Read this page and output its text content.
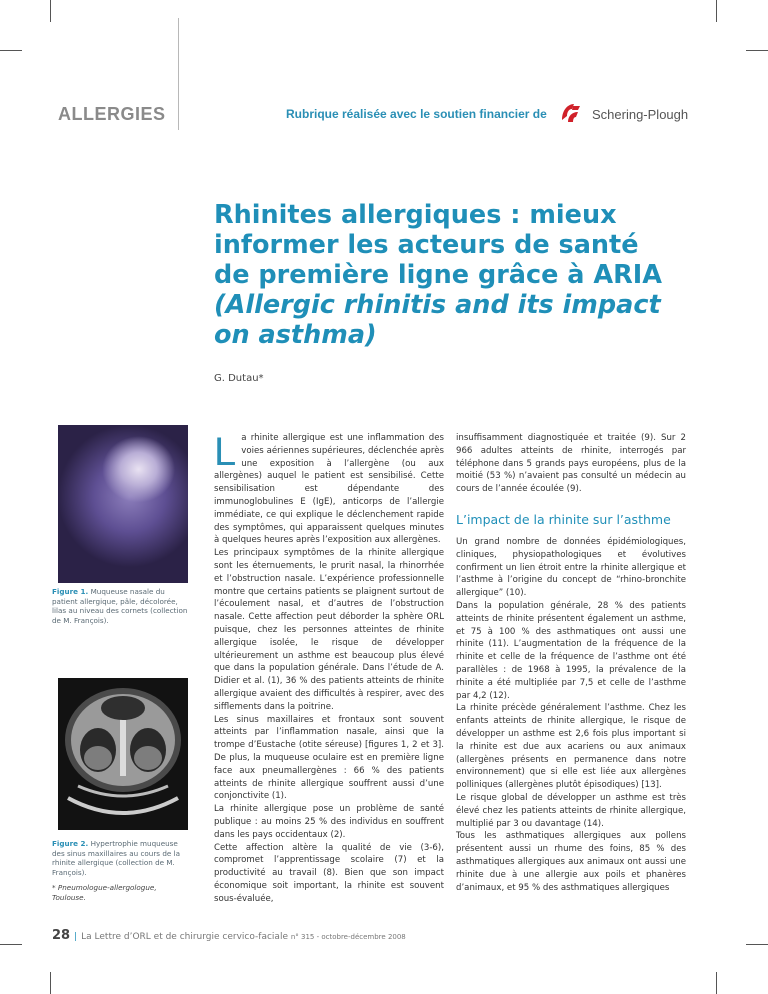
ALLERGIES	Rubrique réalisée avec le soutien financier de	Schering-Plough
Rhinites allergiques : mieux informer les acteurs de santé de première ligne grâce à ARIA
(Allergic rhinitis and its impact on asthma)
G. Dutau*
Figure 1. Muqueuse nasale du patient allergique, pâle, décolorée, lilas au niveau des cornets (collection de M. François).
Figure 2. Hypertrophie muqueuse des sinus maxillaires au cours de la rhinite allergique (collection de M. François).
* Pneumologue-allergologue, Toulouse.

La rhinite allergique est une inflammation des voies aériennes supérieures, déclenchée après une exposition à l’allergène (ou aux allergènes) auquel le patient est sensibilisé. Cette sensibilisation est dépendante des immunoglobulines E (IgE), anticorps de l’allergie immédiate, ce qui explique le déclenchement rapide des symptômes, qui apparaissent quelques minutes à quelques heures après l’exposition aux allergènes.

Les principaux symptômes de la rhinite allergique sont les éternuements, le prurit nasal, la rhinorrhée et l’obstruction nasale. L’expérience professionnelle montre que certains patients se plaignent surtout de l’écoulement nasal, et d’autres de l’obstruction nasale. Cette affection peut déborder la sphère ORL puisque, chez les personnes atteintes de rhinite allergique isolée, le risque de développer ultérieurement un asthme est beaucoup plus élevé que dans la population générale. Dans l’étude de A. Didier et al. (1), 36 % des patients atteints de rhinite allergique avaient des difficultés à respirer, avec des sifflements dans la poitrine.

Les sinus maxillaires et frontaux sont souvent atteints par l’inflammation nasale, ainsi que la trompe d’Eustache (otite séreuse) [figures 1, 2 et 3]. De plus, la muqueuse oculaire est en première ligne face aux pneumallergènes : 66 % des patients atteints de rhinite allergique souffrent aussi d’une conjonctivite (1).

La rhinite allergique pose un problème de santé publique : au moins 25 % des individus en souffrent dans les pays occidentaux (2).

Cette affection altère la qualité de vie (3-6), compromet l’apprentissage scolaire (7) et la productivité au travail (8). Bien que son impact économique soit important, la rhinite est souvent sous-évaluée,

insuffisamment diagnostiquée et traitée (9). Sur 2 966 adultes atteints de rhinite, interrogés par téléphone dans 5 grands pays européens, plus de la moitié (53 %) n’avaient pas consulté un médecin au cours de l’année écoulée (9).

L’impact de la rhinite sur l’asthme

Un grand nombre de données épidémiologiques, cliniques, physiopathologiques et évolutives confirment un lien étroit entre la rhinite allergique et l’asthme à l’origine du concept de “rhino-bronchite allergique” (10).

Dans la population générale, 28 % des patients atteints de rhinite présentent également un asthme, et 75 à 100 % des asthmatiques ont aussi une rhinite (11). L’augmentation de la fréquence de la rhinite et celle de la fréquence de l’asthme ont été parallèles : de 1968 à 1995, la prévalence de la rhinite a été multipliée par 7,5 et celle de l’asthme par 4,2 (12).

La rhinite précède généralement l’asthme. Chez les enfants atteints de rhinite allergique, le risque de développer un asthme est 2,6 fois plus important si la rhinite est due aux acariens ou aux animaux (allergènes présents en permanence dans notre environnement) que si elle est liée aux allergènes polliniques (allergènes plutôt épisodiques) [13].

Le risque global de développer un asthme est très élevé chez les patients atteints de rhinite allergique, multiplié par 3 ou davantage (14).

Tous les asthmatiques allergiques aux pollens présentent aussi un rhume des foins, 85 % des asthmatiques allergiques aux animaux ont aussi une rhinite due à une allergie aux poils et phanères d’animaux, et 95 % des asthmatiques allergiques

28 | La Lettre d’ORL et de chirurgie cervico-faciale n° 315 - octobre-décembre 2008
